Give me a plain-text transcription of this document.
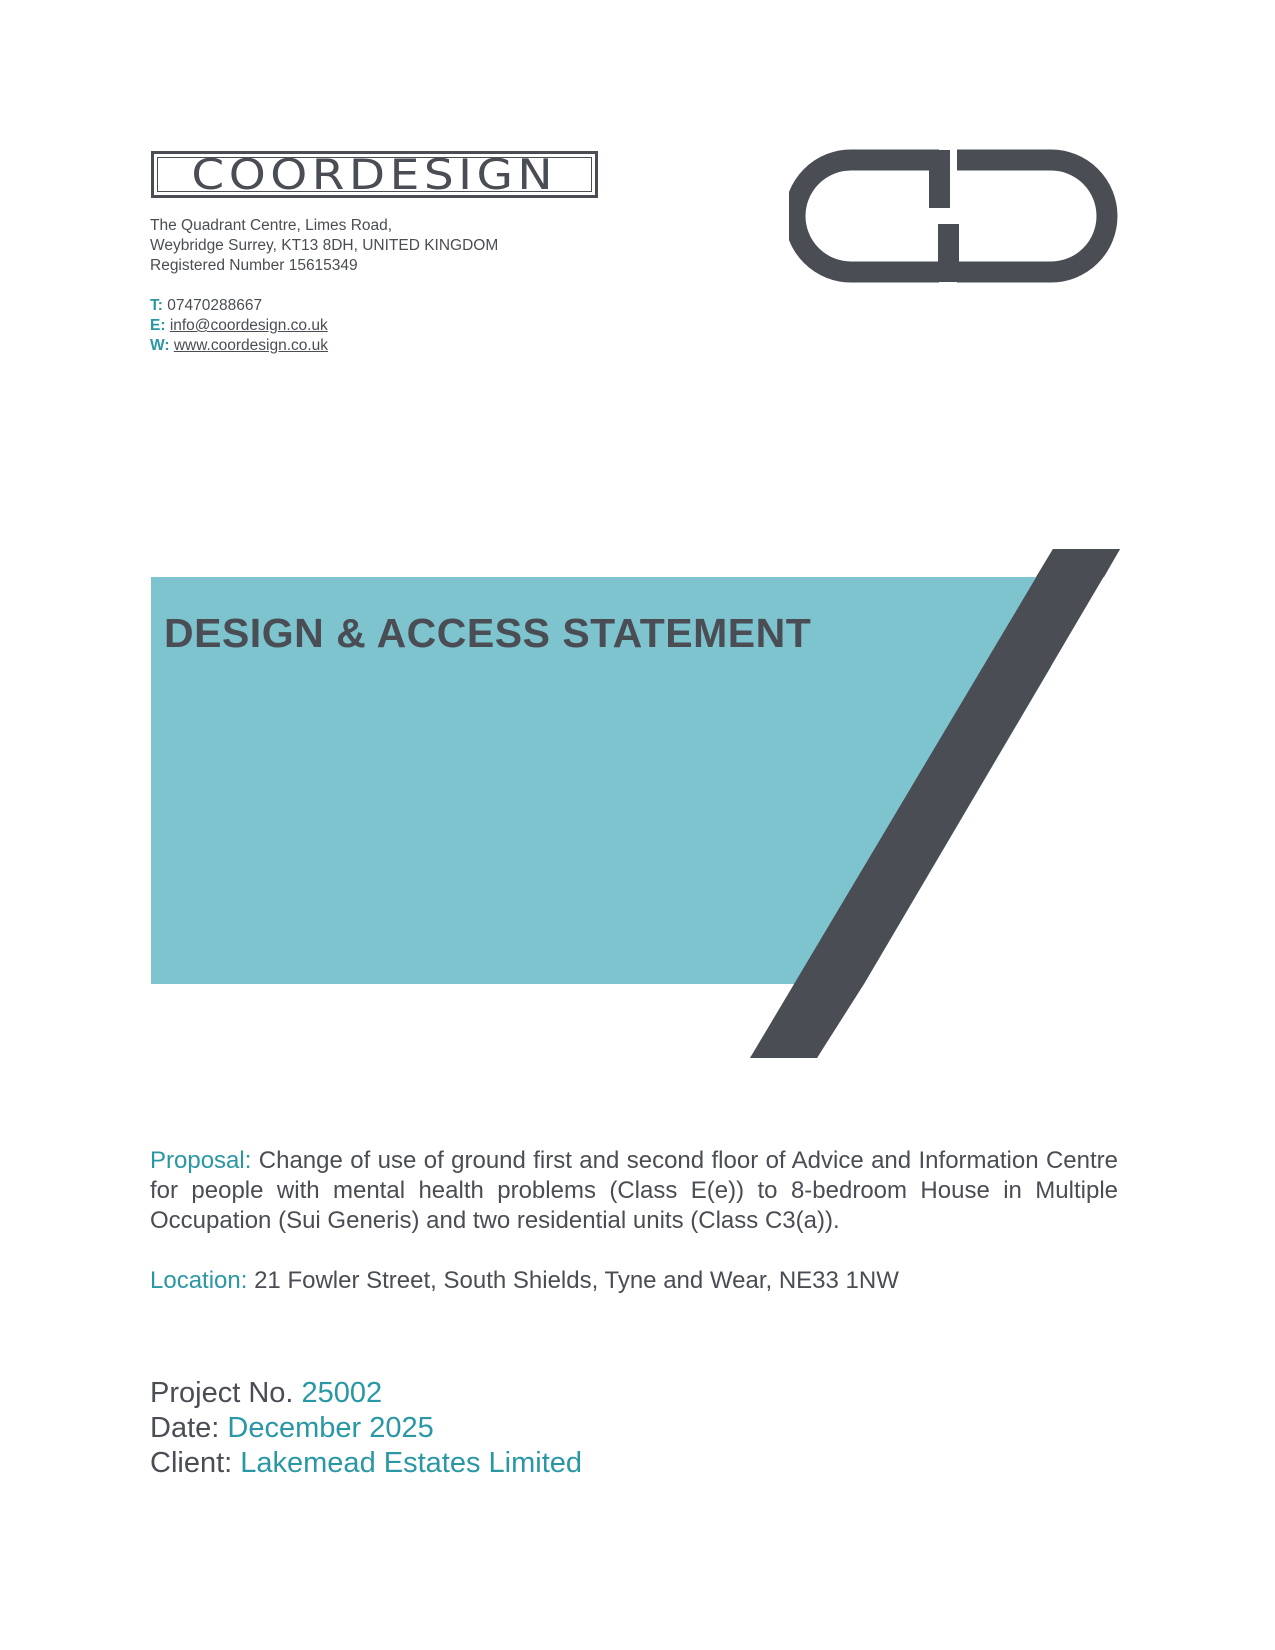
COORDESIGN
The Quadrant Centre, Limes Road,
Weybridge Surrey, KT13 8DH, UNITED KINGDOM
Registered Number 15615349
T: 07470288667
E: info@coordesign.co.uk
W: www.coordesign.co.uk
DESIGN & ACCESS STATEMENT
Proposal: Change of use of ground first and second floor of Advice and Information Centre for people with mental health problems (Class E(e)) to 8-bedroom House in Multiple Occupation (Sui Generis) and two residential units (Class C3(a)).
Location: 21 Fowler Street, South Shields, Tyne and Wear, NE33 1NW
Project No. 25002
Date: December 2025
Client: Lakemead Estates Limited
